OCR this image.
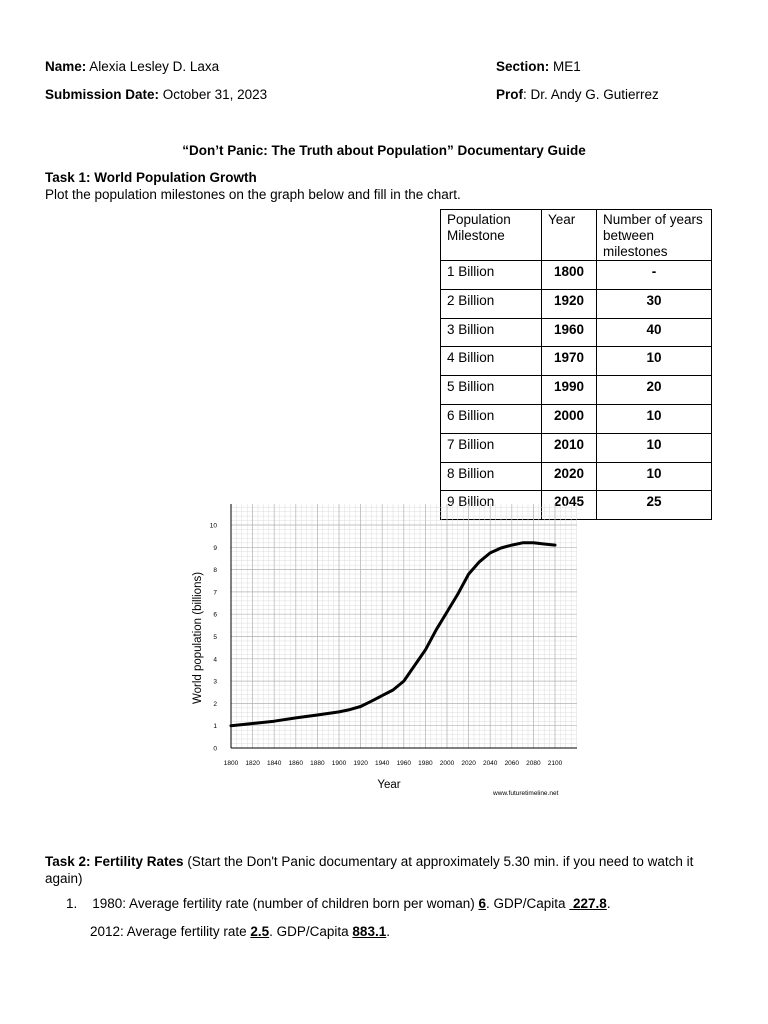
Name: Alexia Lesley D. Laxa	Section: ME1
Submission Date: October 31, 2023	Prof: Dr. Andy G. Gutierrez
“Don’t Panic: The Truth about Population” Documentary Guide
Task 1: World Population Growth
Plot the population milestones on the graph below and fill in the chart.
Population Milestone	Year	Number of years between milestones
1 Billion	1800	-
2 Billion	1920	30
3 Billion	1960	40
4 Billion	1970	10
5 Billion	1990	20
6 Billion	2000	10
7 Billion	2010	10
8 Billion	2020	10
9 Billion	2045	25
1800 1820 1840 1860 1880 1900 1920 1940 1960 1980 2000 2020 2040 2060 2080 2100
0
1
2
3
4
5
6
7
8
9
10
Year
World population (billions)
www.futuretimeline.net
Task 2: Fertility Rates (Start the Don't Panic documentary at approximately 5.30 min. if you need to watch it
again)
1. 1980: Average fertility rate (number of children born per woman) 6. GDP/Capita  227.8.
2012: Average fertility rate 2.5. GDP/Capita 883.1.
